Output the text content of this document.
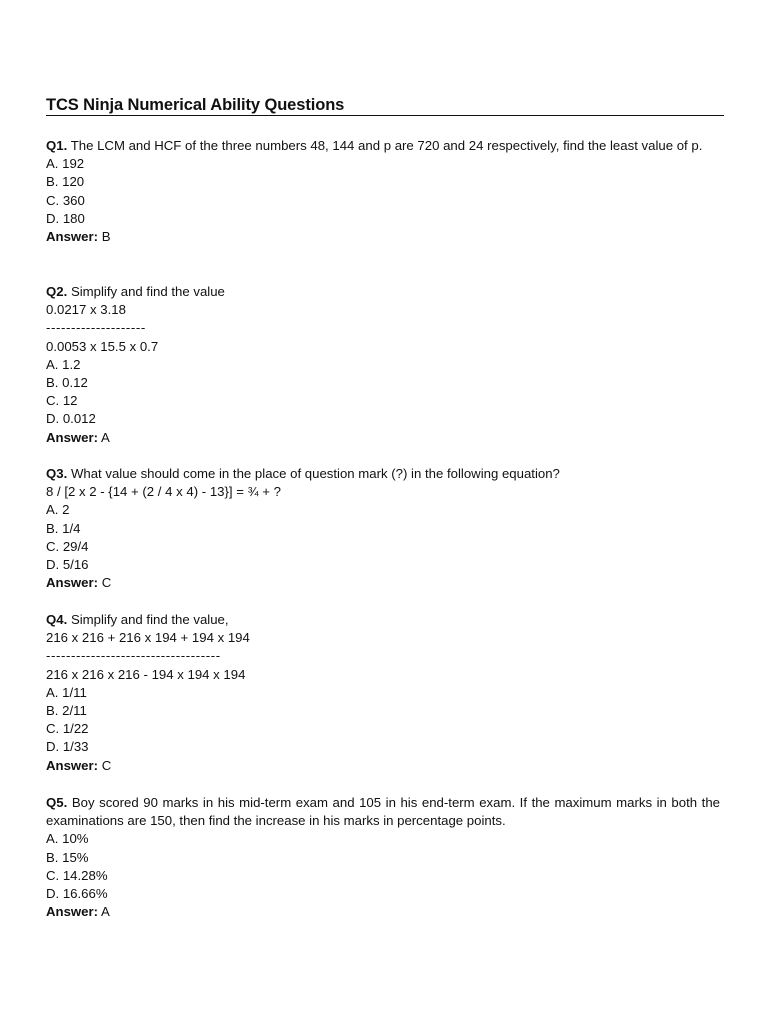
TCS Ninja Numerical Ability Questions
Q1. The LCM and HCF of the three numbers 48, 144 and p are 720 and 24 respectively, find the least value of p.
A. 192
B. 120
C. 360
D. 180
Answer: B
Q2. Simplify and find the value
0.0217 x 3.18
--------------------
0.0053 x 15.5 x 0.7
A. 1.2
B. 0.12
C. 12
D. 0.012
Answer: A
Q3. What value should come in the place of question mark (?) in the following equation?
8 / [2 x 2 - {14 + (2 / 4 x 4) - 13}] = ¾ + ?
A. 2
B. 1/4
C. 29/4
D. 5/16
Answer: C
Q4. Simplify and find the value,
216 x 216 + 216 x 194 + 194 x 194
-----------------------------------
216 x 216 x 216 - 194 x 194 x 194
A. 1/11
B. 2/11
C. 1/22
D. 1/33
Answer: C
Q5. Boy scored 90 marks in his mid-term exam and 105 in his end-term exam. If the maximum marks in both the examinations are 150, then find the increase in his marks in percentage points.
A. 10%
B. 15%
C. 14.28%
D. 16.66%
Answer: A
